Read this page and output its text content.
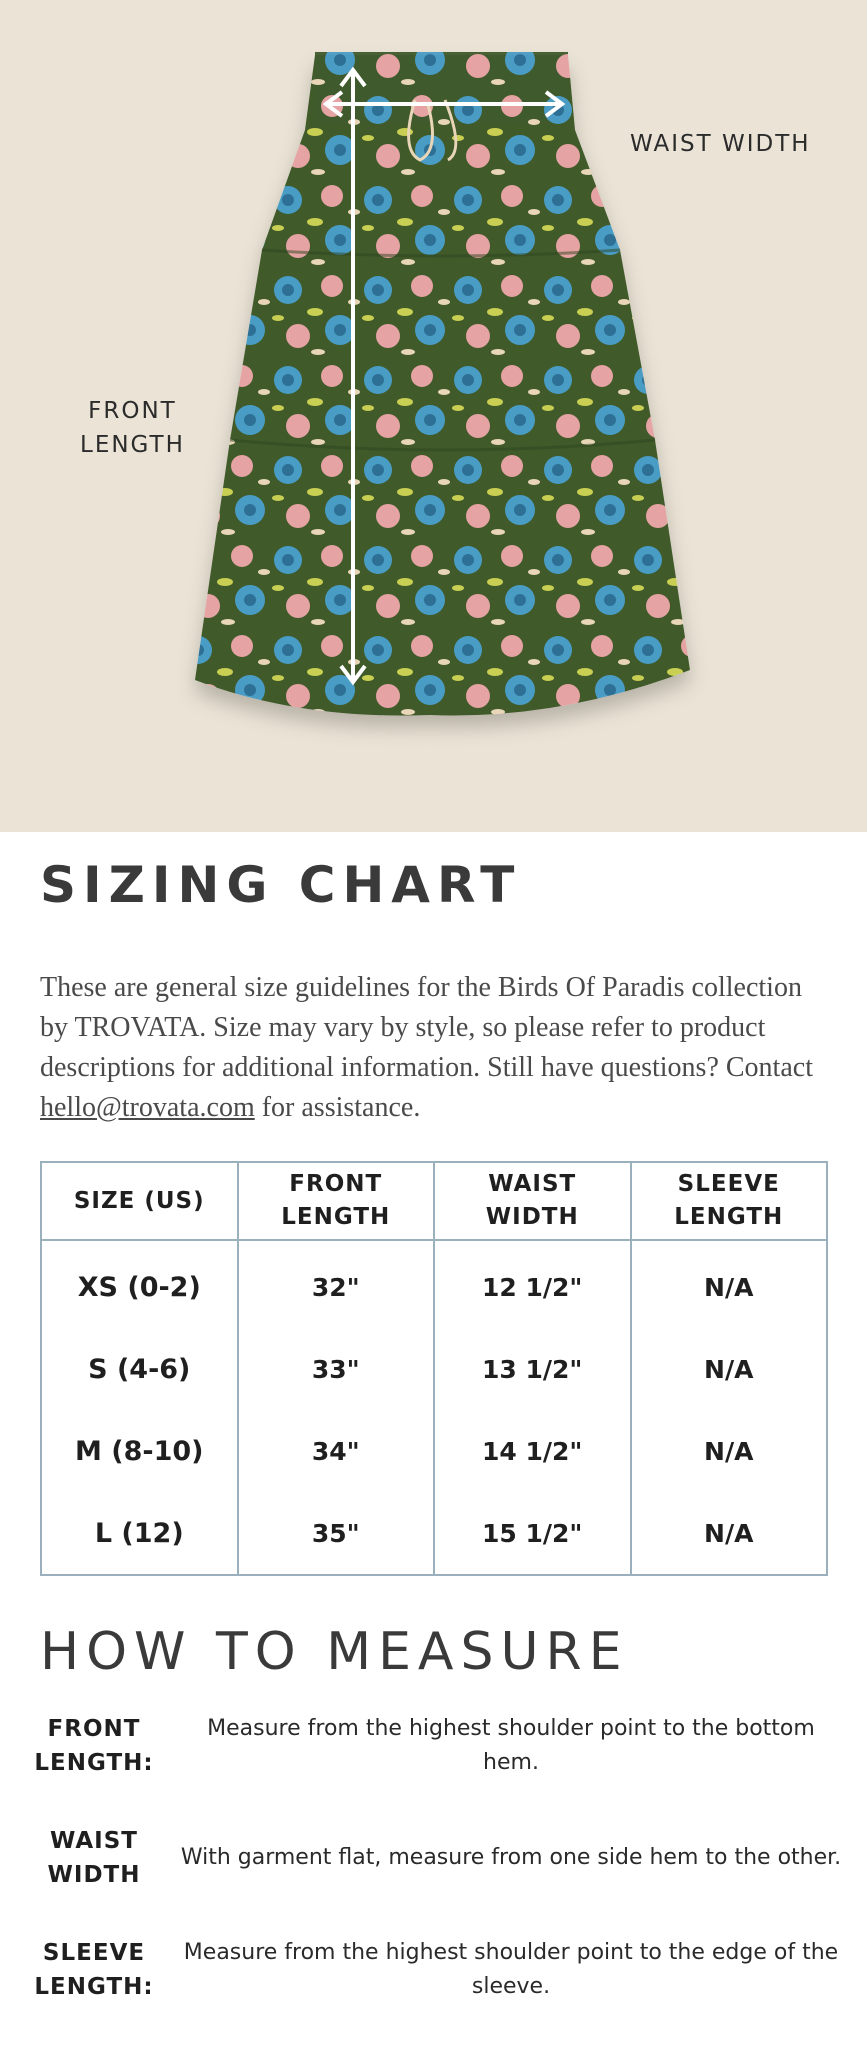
WAIST WIDTH
FRONT
LENGTH
SIZING CHART

These are general size guidelines for the Birds Of Paradis collection by TROVATA. Size may vary by style, so please refer to product descriptions for additional information. Still have questions? Contact hello@trovata.com for assistance.

SIZE (US)	FRONT LENGTH	WAIST WIDTH	SLEEVE LENGTH
XS (0-2)	32"	12 1/2"	N/A
S (4-6)	33"	13 1/2"	N/A
M (8-10)	34"	14 1/2"	N/A
L (12)	35"	15 1/2"	N/A
HOW TO MEASURE
FRONT
LENGTH:
Measure from the highest shoulder point to the bottom hem.
WAIST
WIDTH
With garment flat, measure from one side hem to the other.
SLEEVE
LENGTH:
Measure from the highest shoulder point to the edge of the sleeve.
